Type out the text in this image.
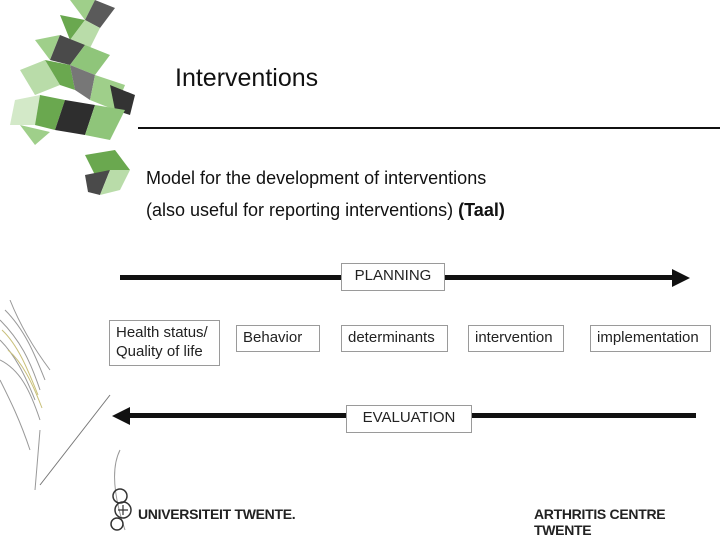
Interventions
Model for the development of interventions
(also useful for reporting interventions) (Taal)
PLANNING
Health status/
Quality of life
Behavior	determinants	intervention	implementation
EVALUATION
UNIVERSITEIT TWENTE.	ARTHRITIS CENTRE TWENTE
